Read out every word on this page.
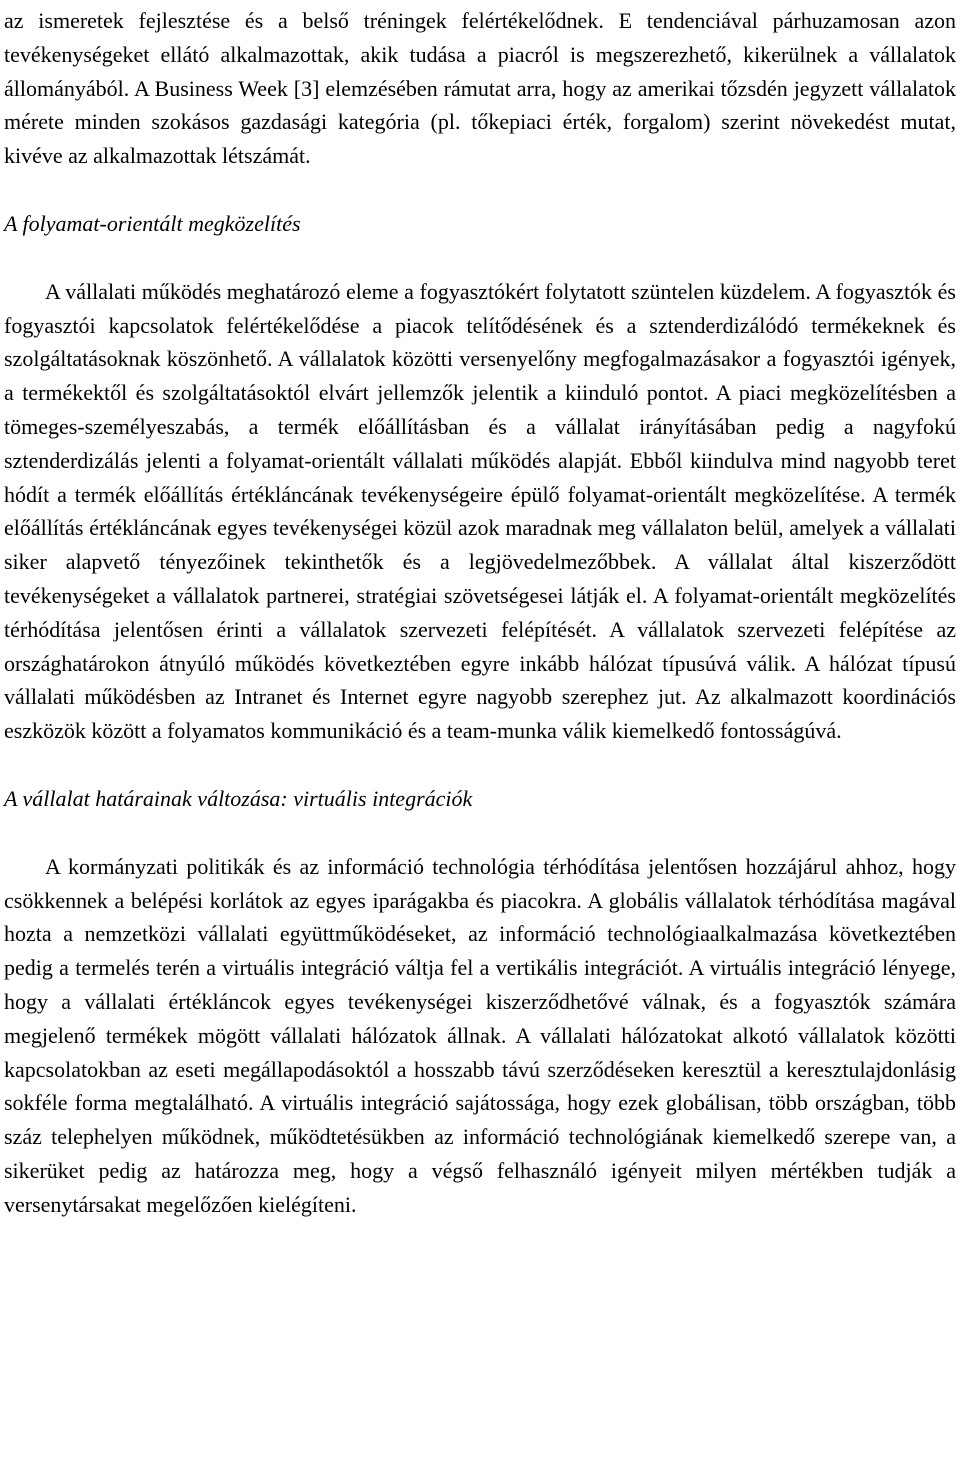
az ismeretek fejlesztése és a belső tréningek felértékelődnek. E tendenciával párhuzamosan azon tevékenységeket ellátó alkalmazottak, akik tudása a piacról is megszerezhető, kikerülnek a vállalatok állományából. A Business Week [3] elemzésében rámutat arra, hogy az amerikai tőzsdén jegyzett vállalatok mérete minden szokásos gazdasági kategória (pl. tőkepiaci érték, forgalom) szerint növekedést mutat, kivéve az alkalmazottak létszámát.

A folyamat-orientált megközelítés

A vállalati működés meghatározó eleme a fogyasztókért folytatott szüntelen küzdelem. A fogyasztók és fogyasztói kapcsolatok felértékelődése a piacok telítődésének és a sztenderdizálódó termékeknek és szolgáltatásoknak köszönhető. A vállalatok közötti versenyelőny megfogalmazásakor a fogyasztói igények, a termékektől és szolgáltatásoktól elvárt jellemzők jelentik a kiinduló pontot. A piaci megközelítésben a tömeges-személyeszabás, a termék előállításban és a vállalat irányításában pedig a nagyfokú sztenderdizálás jelenti a folyamat-orientált vállalati működés alapját. Ebből kiindulva mind nagyobb teret hódít a termék előállítás értékláncának tevékenységeire épülő folyamat-orientált megközelítése. A termék előállítás értékláncának egyes tevékenységei közül azok maradnak meg vállalaton belül, amelyek a vállalati siker alapvető tényezőinek tekinthetők és a legjövedelmezőbbek. A vállalat által kiszerződött tevékenységeket a vállalatok partnerei, stratégiai szövetségesei látják el. A folyamat-orientált megközelítés térhódítása jelentősen érinti a vállalatok szervezeti felépítését. A vállalatok szervezeti felépítése az országhatárokon átnyúló működés következtében egyre inkább hálózat típusúvá válik. A hálózat típusú vállalati működésben az Intranet és Internet egyre nagyobb szerephez jut. Az alkalmazott koordinációs eszközök között a folyamatos kommunikáció és a team-munka válik kiemelkedő fontosságúvá.

A vállalat határainak változása: virtuális integrációk

A kormányzati politikák és az információ technológia térhódítása jelentősen hozzájárul ahhoz, hogy csökkennek a belépési korlátok az egyes iparágakba és piacokra. A globális vállalatok térhódítása magával hozta a nemzetközi vállalati együttműködéseket, az információ technológiaalkalmazása következtében pedig a termelés terén a virtuális integráció váltja fel a vertikális integrációt. A virtuális integráció lényege, hogy a vállalati értékláncok egyes tevékenységei kiszerződhetővé válnak, és a fogyasztók számára megjelenő termékek mögött vállalati hálózatok állnak. A vállalati hálózatokat alkotó vállalatok közötti kapcsolatokban az eseti megállapodásoktól a hosszabb távú szerződéseken keresztül a keresztulajdonlásig sokféle forma megtalálható. A virtuális integráció sajátossága, hogy ezek globálisan, több országban, több száz telephelyen működnek, működtetésükben az információ technológiának kiemelkedő szerepe van, a sikerüket pedig az határozza meg, hogy a végső felhasználó igényeit milyen mértékben tudják a versenytársakat megelőzően kielégíteni.
